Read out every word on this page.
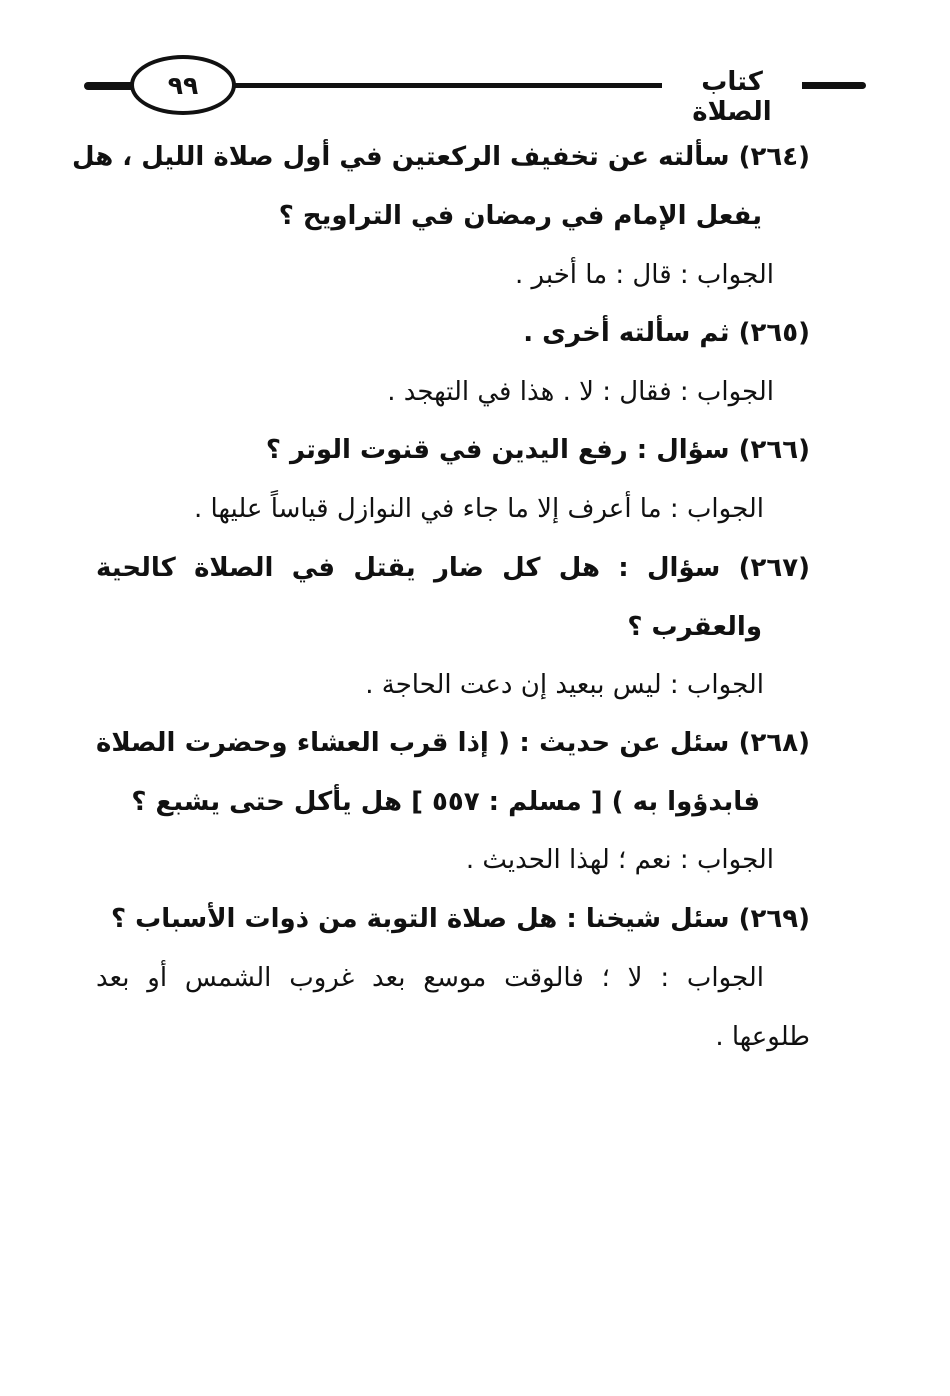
٩٩	كتاب الصلاة
(٢٦٤) سألته عن تخفيف الركعتين في أول صلاة الليل ، هل
يفعل الإمام في رمضان في التراويح ؟
الجواب : قال : ما أخبر .
(٢٦٥) ثم سألته أخرى .
الجواب : فقال : لا . هذا في التهجد .
(٢٦٦) سؤال : رفع اليدين في قنوت الوتر ؟
الجواب : ما أعرف إلا ما جاء في النوازل قياساً عليها .
(٢٦٧) سؤال : هل كل ضار يقتل في الصلاة كالحية
والعقرب ؟
الجواب : ليس ببعيد إن دعت الحاجة .
(٢٦٨) سئل عن حديث : ( إذا قرب العشاء وحضرت الصلاة
فابدؤوا به ) [ مسلم : ٥٥٧ ] هل يأكل حتى يشبع ؟
الجواب : نعم ؛ لهذا الحديث .
(٢٦٩) سئل شيخنا : هل صلاة التوبة من ذوات الأسباب ؟
الجواب : لا ؛ فالوقت موسع بعد غروب الشمس أو بعد
طلوعها .
